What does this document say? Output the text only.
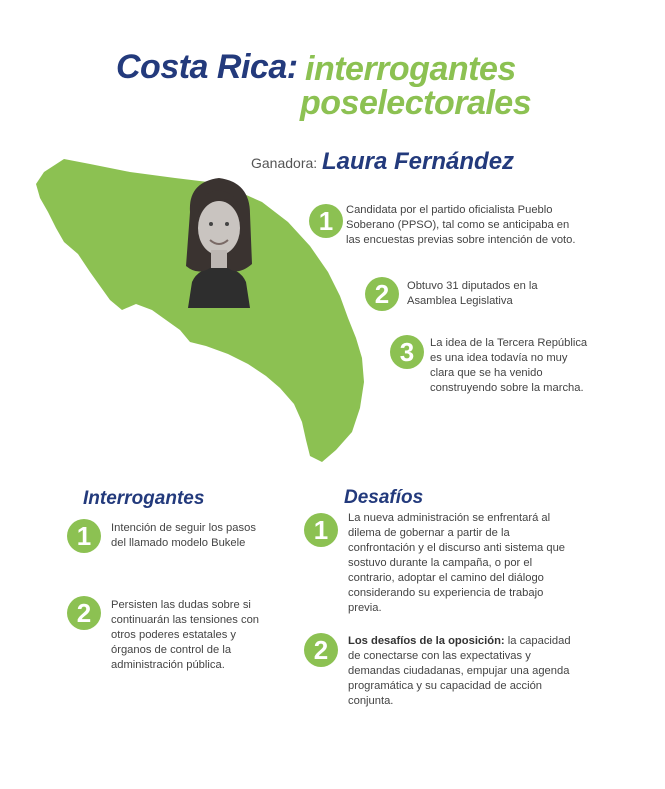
Costa Rica: interrogantes
poselectorales
Ganadora: Laura Fernández
1	Candidata por el partido oficialista Pueblo Soberano (PPSO), tal como se anticipaba en las encuestas previas sobre intención de voto.
2	Obtuvo 31 diputados en la Asamblea Legislativa
3	La idea de la Tercera República es una idea todavía no muy clara que se ha venido construyendo sobre la marcha.
Interrogantes
1	Intención de seguir los pasos del llamado modelo Bukele
2	Persisten las dudas sobre si continuarán las tensiones con otros poderes estatales y órganos de control de la administración pública.
Desafíos
1	La nueva administración se enfrentará al dilema de gobernar a partir de la confrontación y el discurso anti sistema que sostuvo durante la campaña, o por el contrario, adoptar el camino del diálogo considerando su experiencia de trabajo previa.
2	Los desafíos de la oposición: la capacidad de conectarse con las expectativas y demandas ciudadanas, empujar una agenda programática y su capacidad de acción conjunta.
